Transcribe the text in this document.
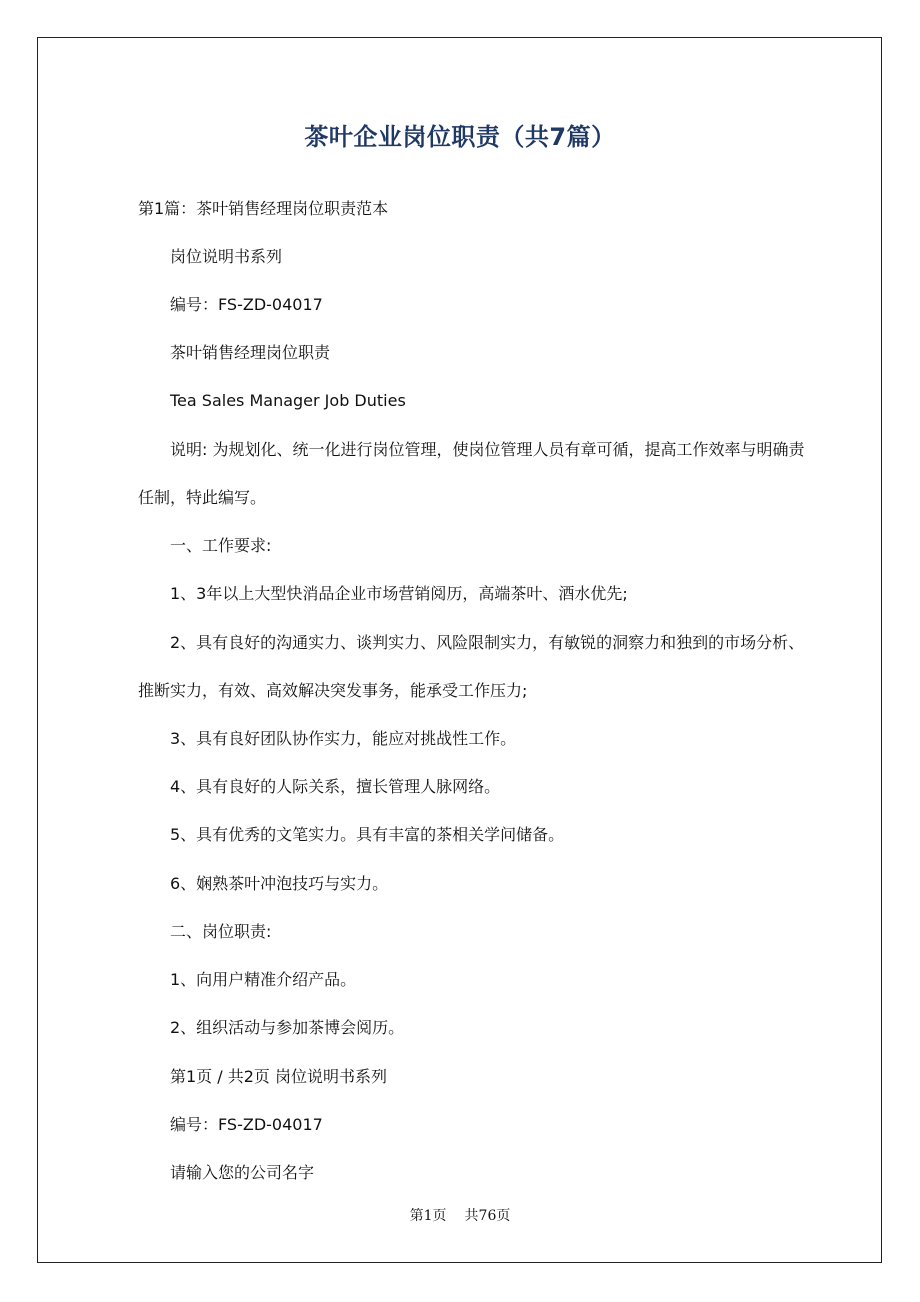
茶叶企业岗位职责（共7篇）
第1篇：茶叶销售经理岗位职责范本
岗位说明书系列
编号：FS-ZD-04017
茶叶销售经理岗位职责
Tea Sales Manager Job Duties
说明: 为规划化、统一化进行岗位管理，使岗位管理人员有章可循，提高工作效率与明确责
任制，特此编写。
一、工作要求:
1、3年以上大型快消品企业市场营销阅历，高端茶叶、酒水优先;
2、具有良好的沟通实力、谈判实力、风险限制实力，有敏锐的洞察力和独到的市场分析、
推断实力，有效、高效解决突发事务，能承受工作压力;
3、具有良好团队协作实力，能应对挑战性工作。
4、具有良好的人际关系，擅长管理人脉网络。
5、具有优秀的文笔实力。具有丰富的茶相关学问储备。
6、娴熟茶叶冲泡技巧与实力。
二、岗位职责:
1、向用户精准介绍产品。
2、组织活动与参加茶博会阅历。
第1页 / 共2页 岗位说明书系列
编号：FS-ZD-04017
请输入您的公司名字
第1页 共76页
